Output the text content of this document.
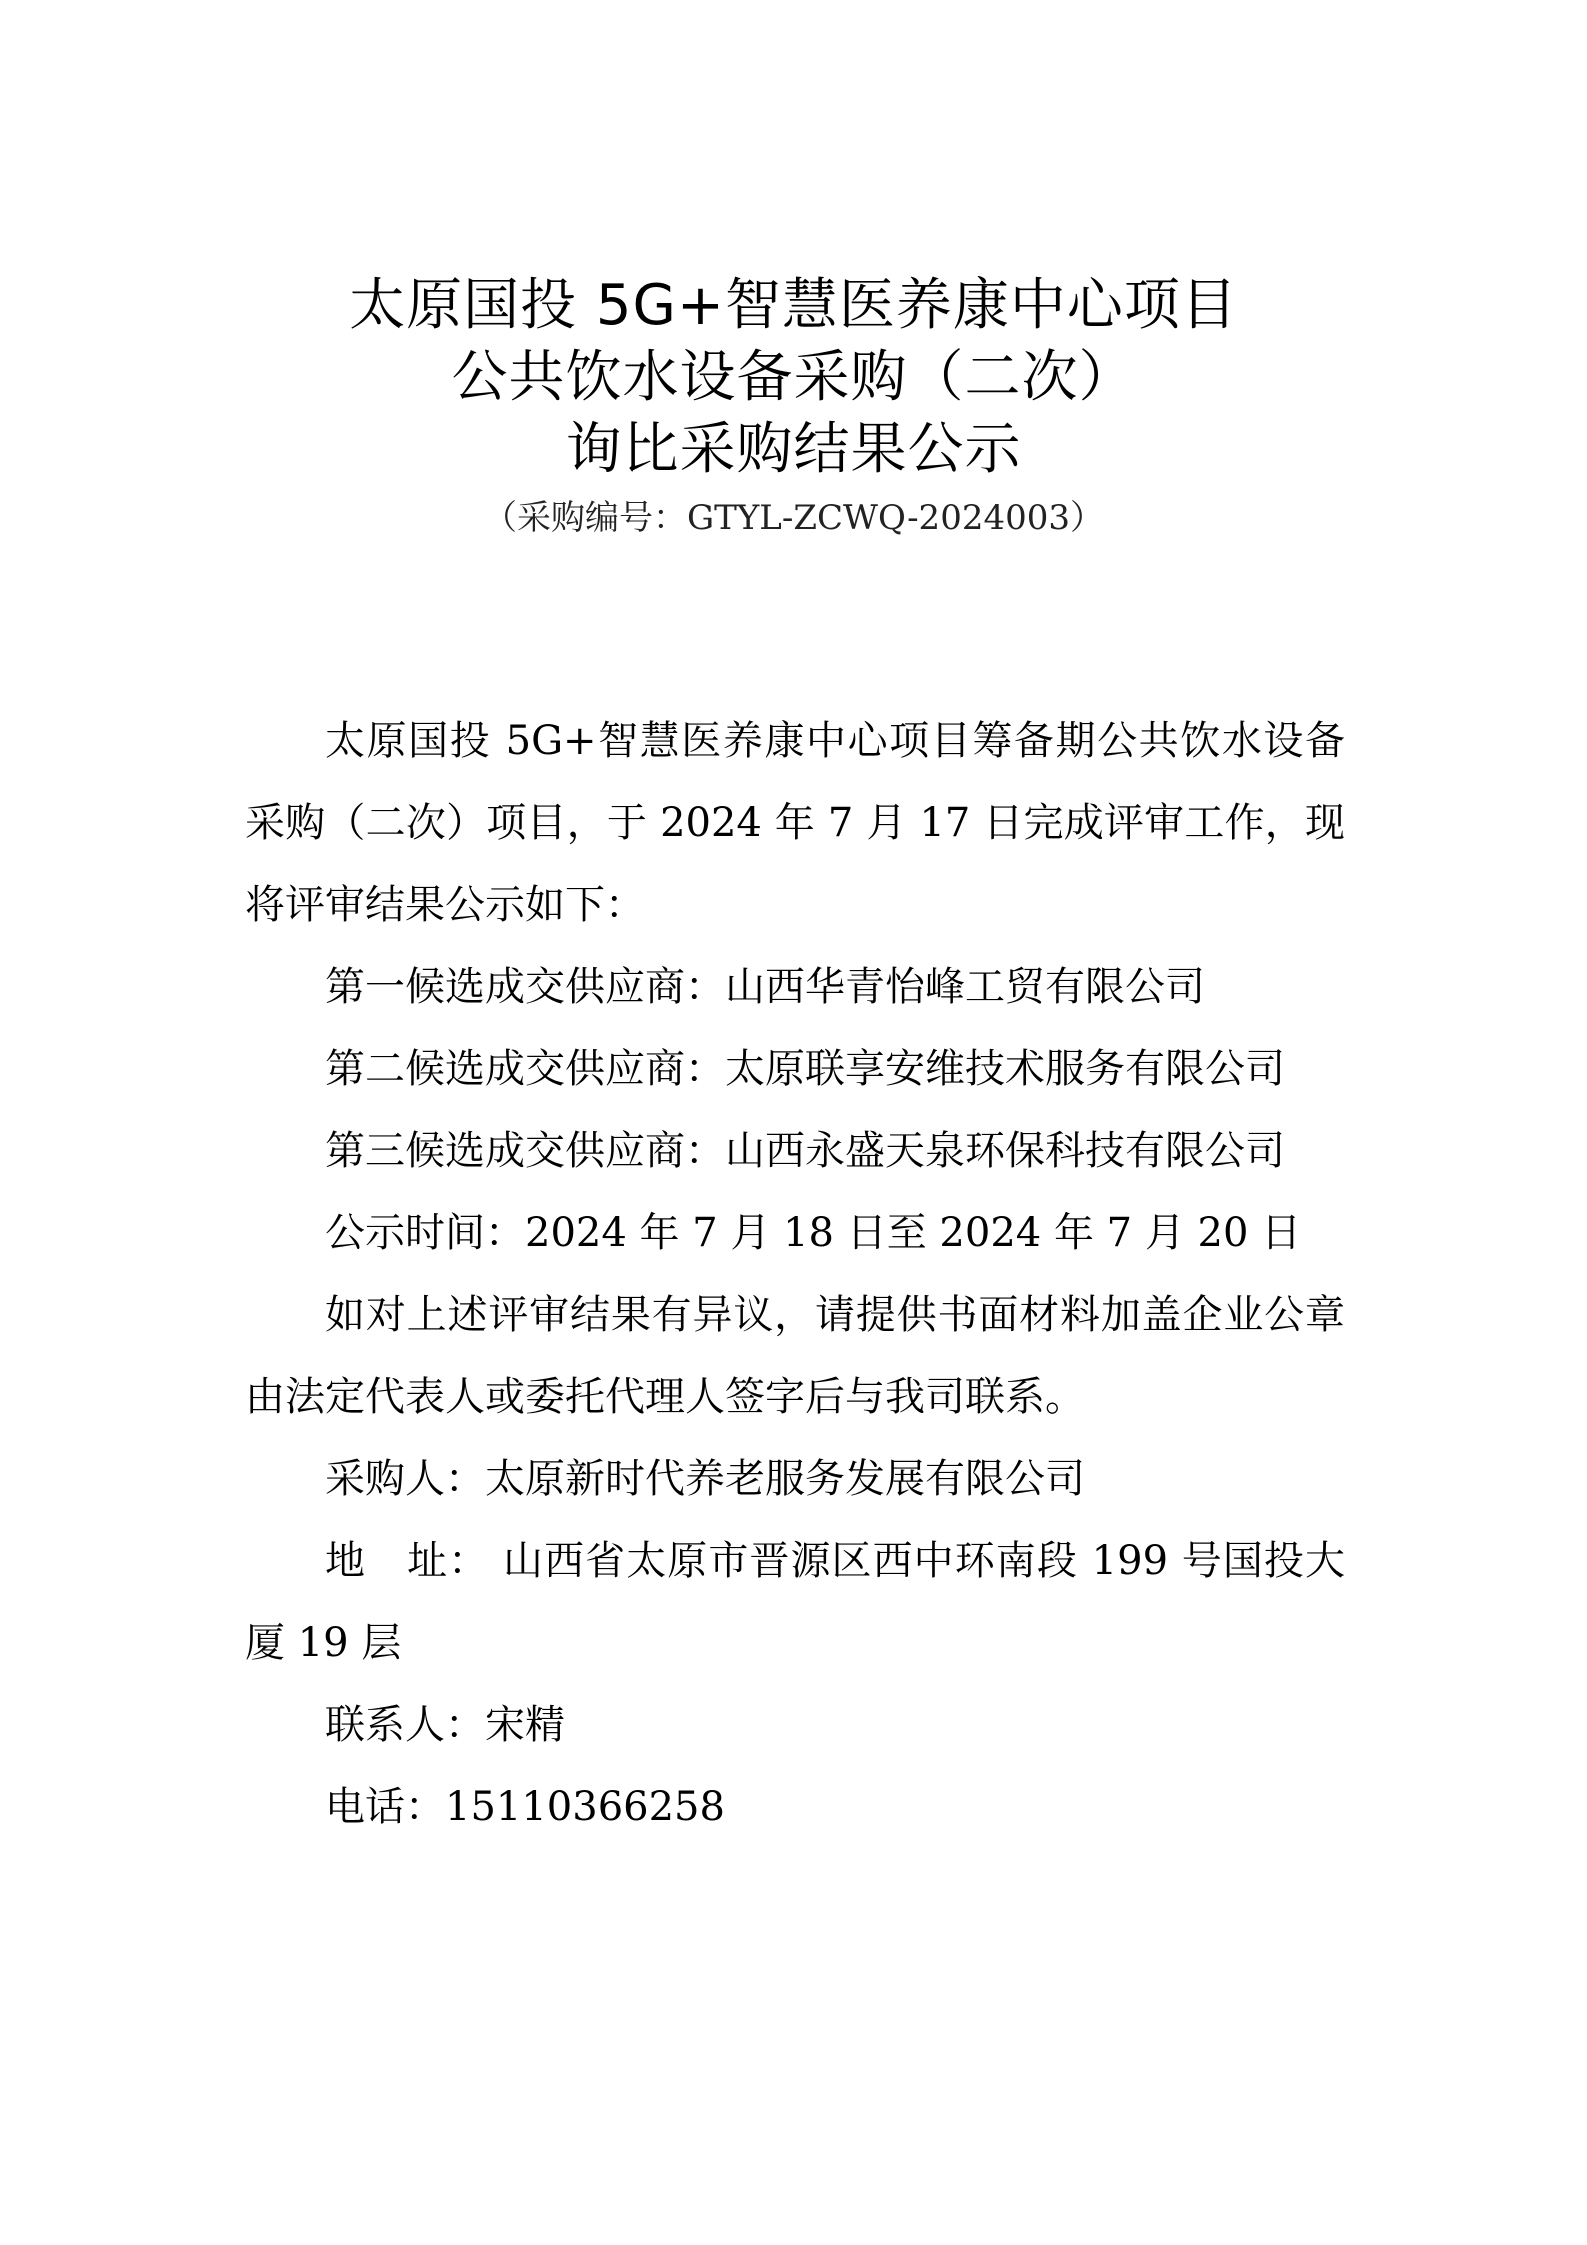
太原国投 5G+智慧医养康中心项目
公共饮水设备采购（二次）
询比采购结果公示
（采购编号：GTYL-ZCWQ-2024003）

太原国投 5G+智慧医养康中心项目筹备期公共饮水设备采购（二次）项目，于 2024 年 7 月 17 日完成评审工作，现将评审结果公示如下：

第一候选成交供应商：山西华青怡峰工贸有限公司

第二候选成交供应商：太原联享安维技术服务有限公司

第三候选成交供应商：山西永盛天泉环保科技有限公司

公示时间：2024 年 7 月 18 日至 2024 年 7 月 20 日

如对上述评审结果有异议，请提供书面材料加盖企业公章由法定代表人或委托代理人签字后与我司联系。

采购人：太原新时代养老服务发展有限公司

地　址： 山西省太原市晋源区西中环南段 199 号国投大厦 19 层

联系人：宋精

电话：15110366258
